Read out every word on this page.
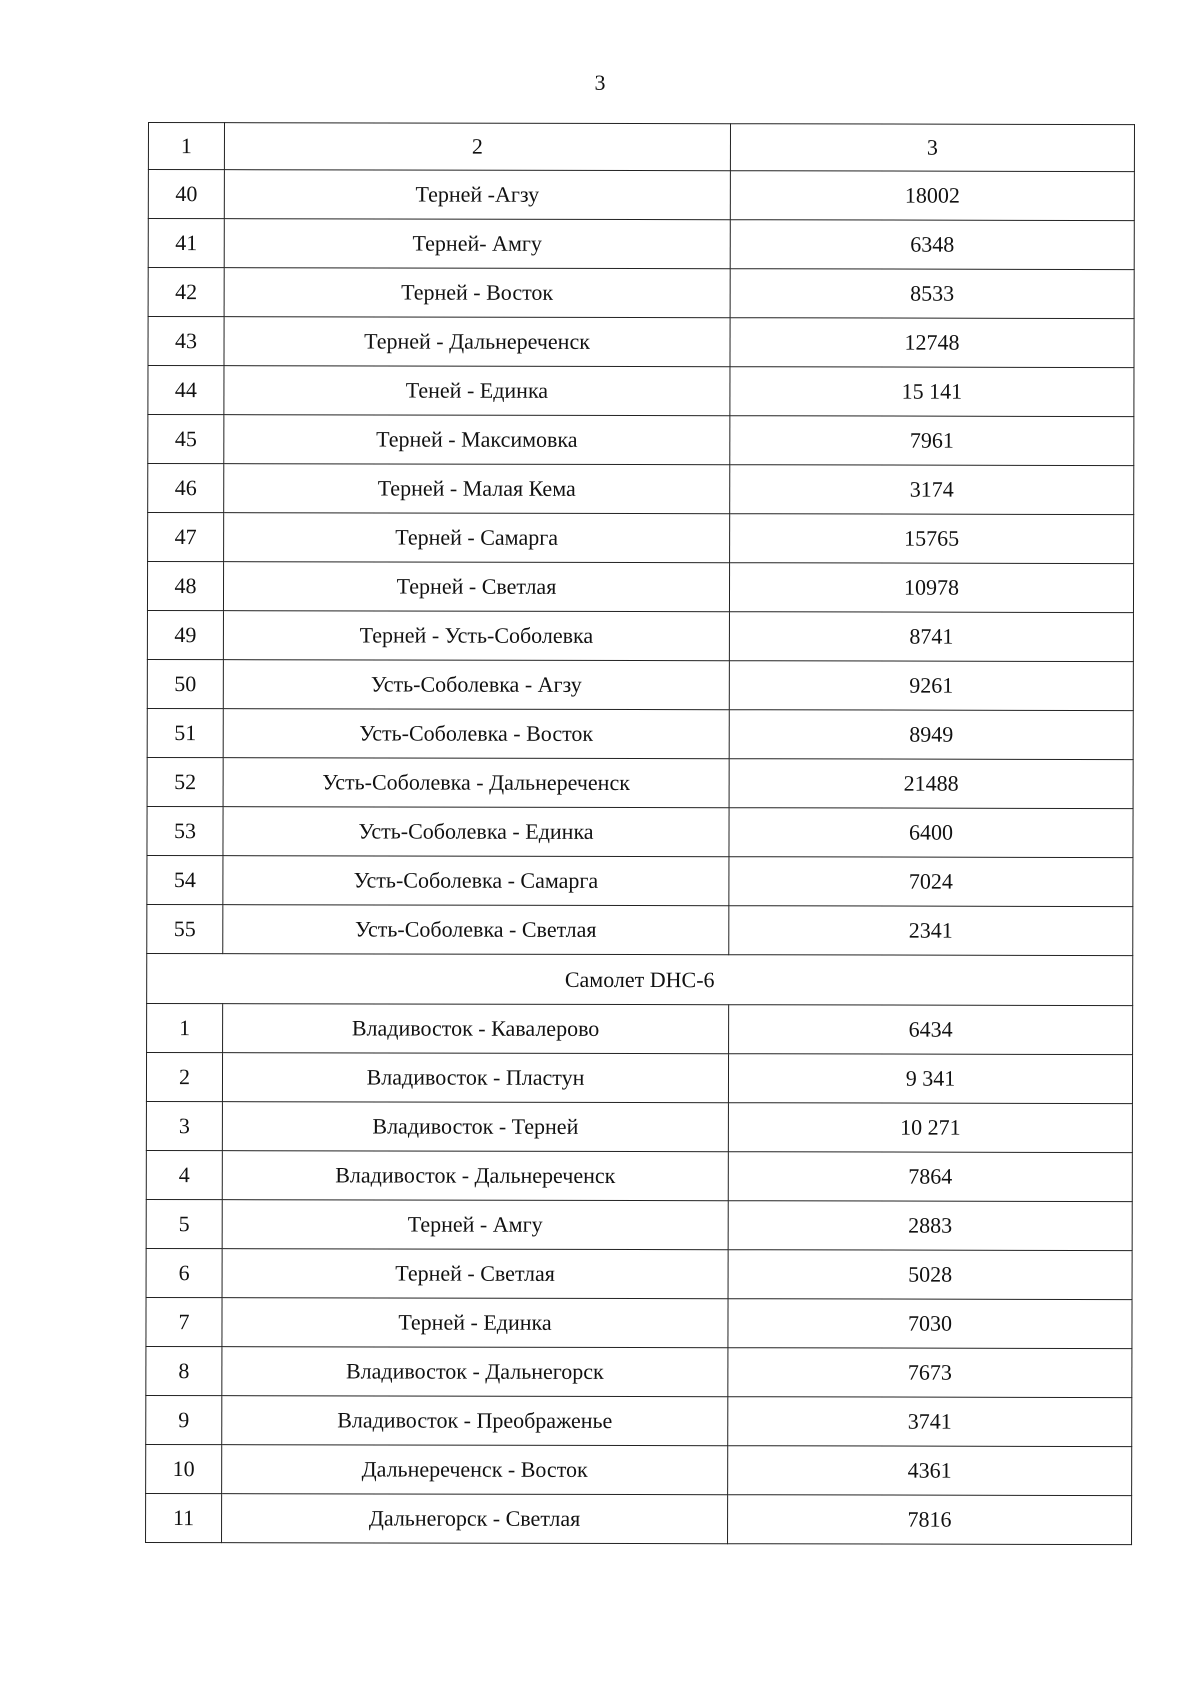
3
1	2	3
40	Терней -Агзу	18002
41	Терней- Амгу	6348
42	Терней - Восток	8533
43	Терней - Дальнереченск	12748
44	Теней - Единка	15 141
45	Терней - Максимовка	7961
46	Терней - Малая Кема	3174
47	Терней - Самарга	15765
48	Терней - Светлая	10978
49	Терней - Усть-Соболевка	8741
50	Усть-Соболевка - Агзу	9261
51	Усть-Соболевка - Восток	8949
52	Усть-Соболевка - Дальнереченск	21488
53	Усть-Соболевка - Единка	6400
54	Усть-Соболевка - Самарга	7024
55	Усть-Соболевка - Светлая	2341
Самолет DHC-6		
1	Владивосток - Кавалерово	6434
2	Владивосток - Пластун	9 341
3	Владивосток - Терней	10 271
4	Владивосток - Дальнереченск	7864
5	Терней - Амгу	2883
6	Терней - Светлая	5028
7	Терней - Единка	7030
8	Владивосток - Дальнегорск	7673
9	Владивосток - Преображенье	3741
10	Дальнереченск - Восток	4361
11	Дальнегорск - Светлая	7816
